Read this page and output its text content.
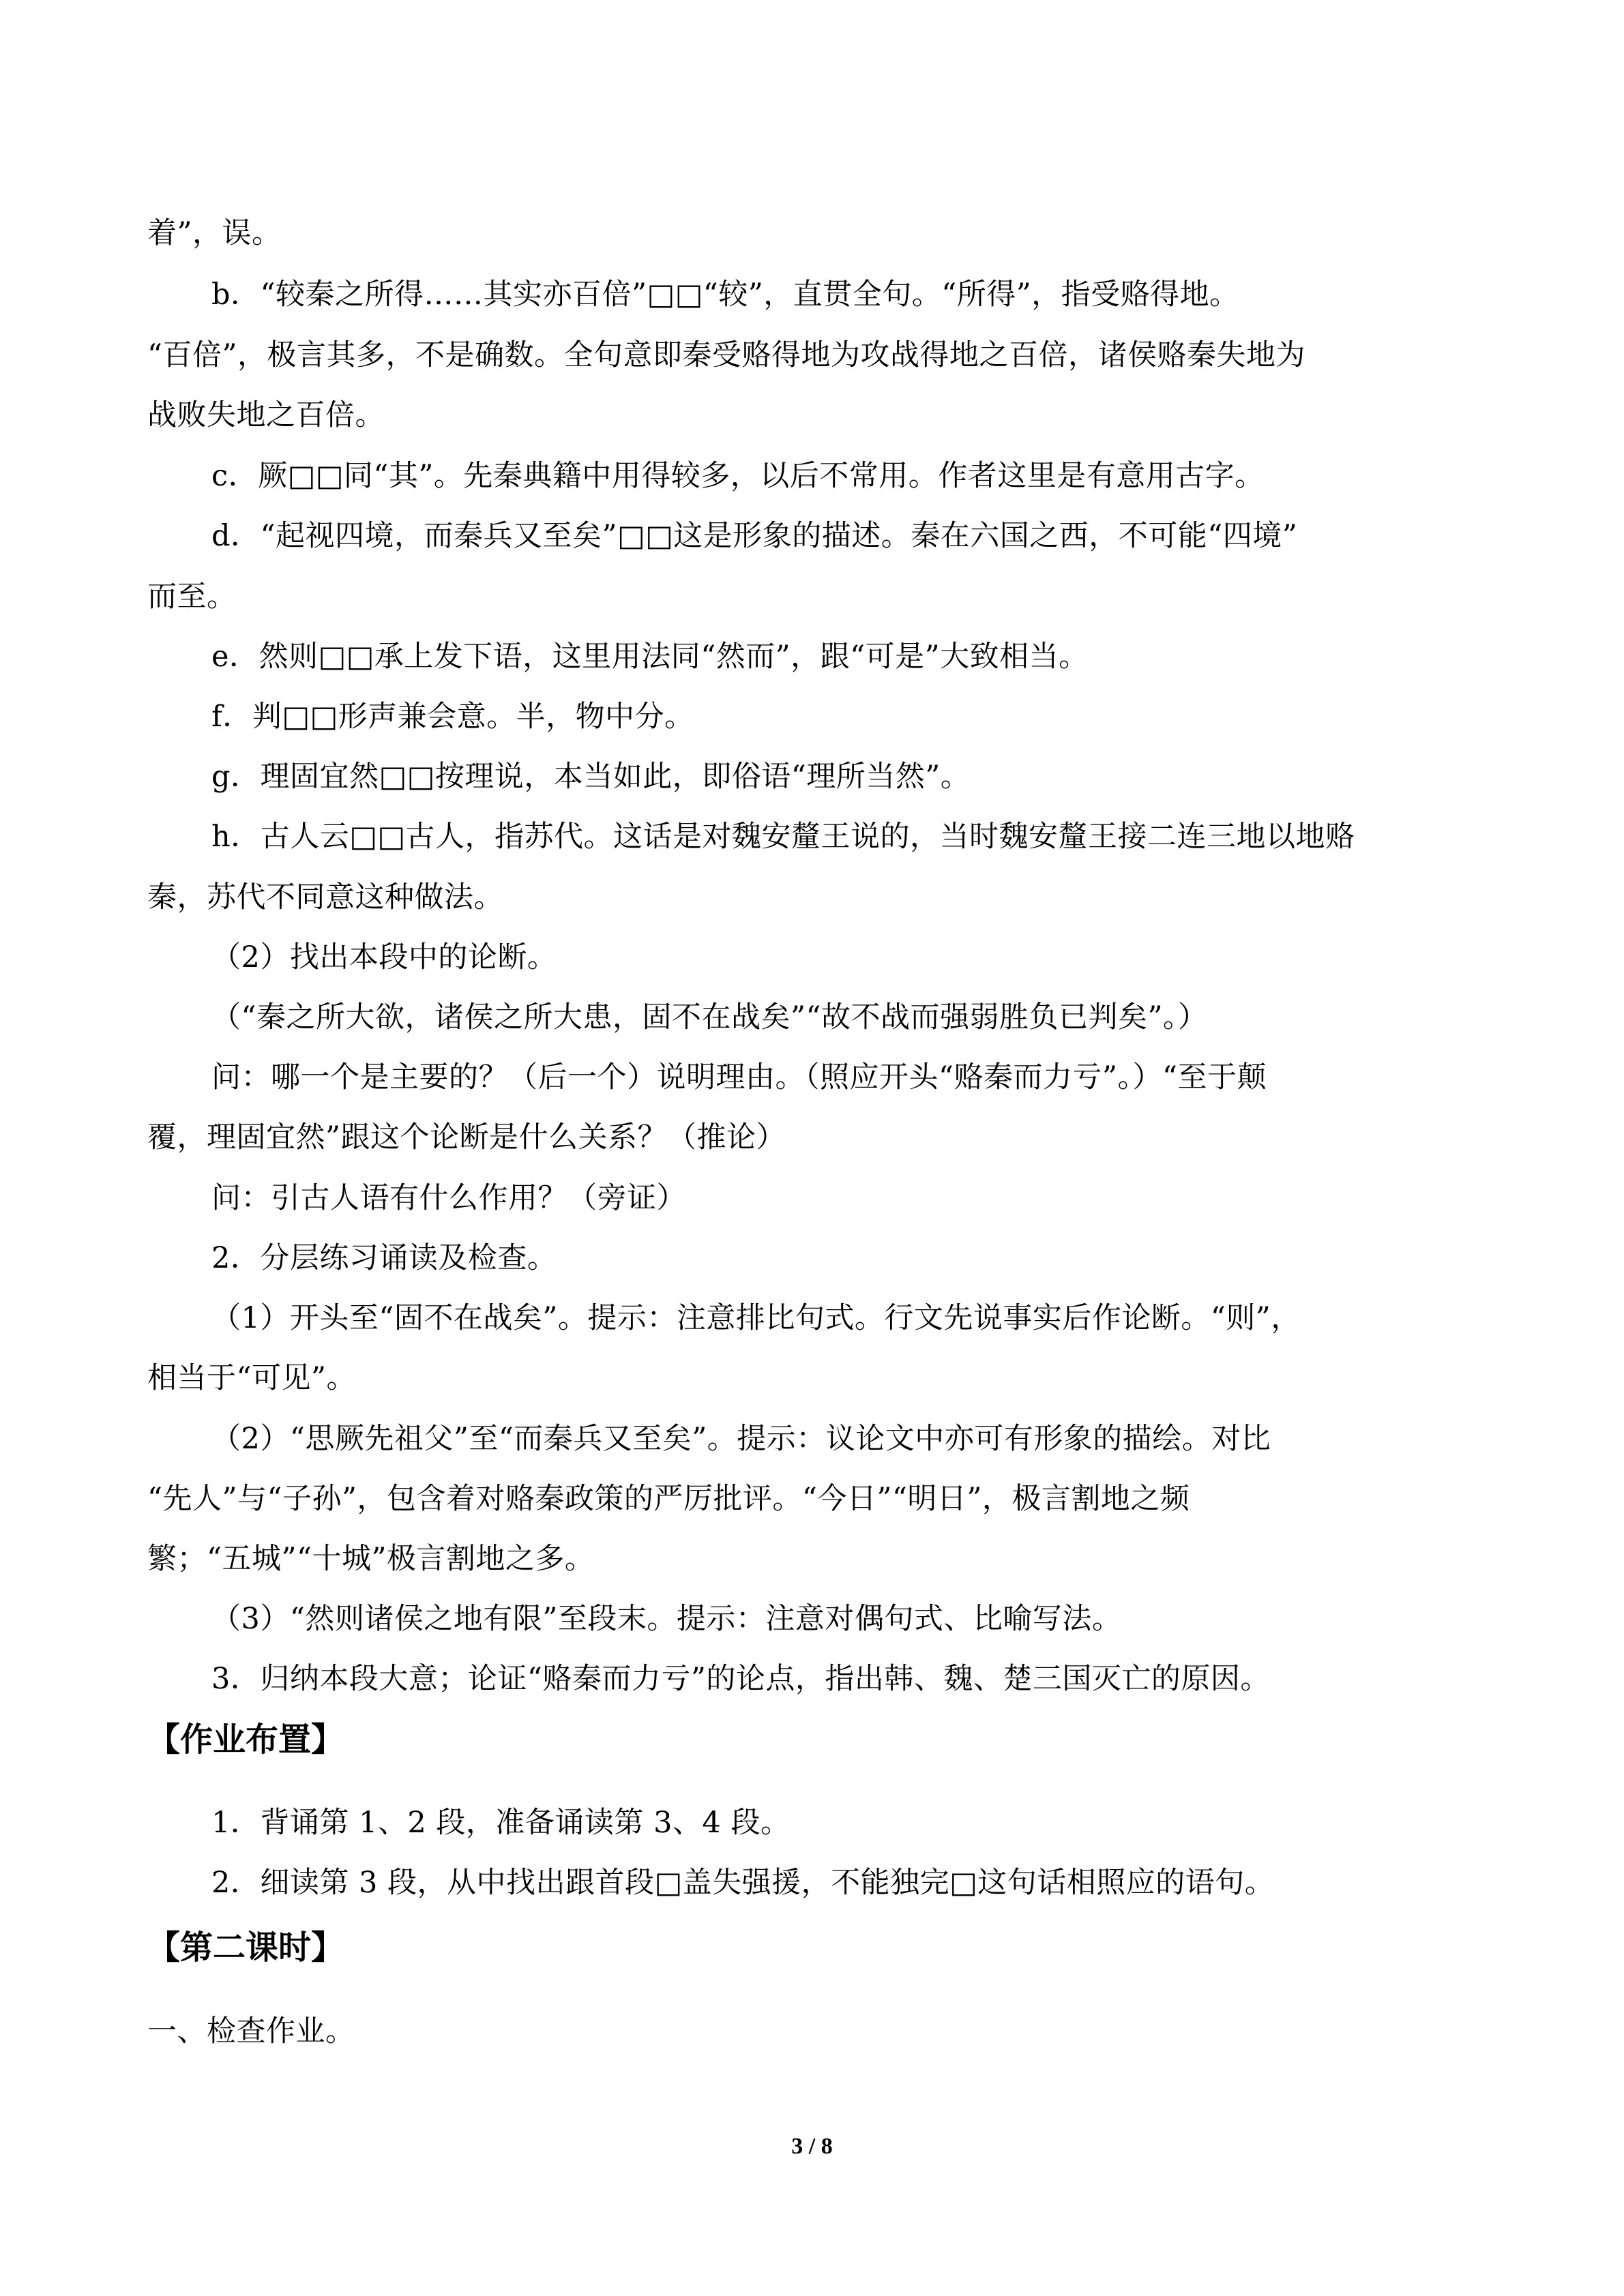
着”，误。
b．“较秦之所得……其实亦百倍”□□“较”，直贯全句。“所得”，指受赂得地。
“百倍”，极言其多，不是确数。全句意即秦受赂得地为攻战得地之百倍，诸侯赂秦失地为
战败失地之百倍。
c．厥□□同“其”。先秦典籍中用得较多，以后不常用。作者这里是有意用古字。
d．“起视四境，而秦兵又至矣”□□这是形象的描述。秦在六国之西，不可能“四境”
而至。
e．然则□□承上发下语，这里用法同“然而”，跟“可是”大致相当。
f．判□□形声兼会意。半，物中分。
g．理固宜然□□按理说，本当如此，即俗语“理所当然”。
h．古人云□□古人，指苏代。这话是对魏安釐王说的，当时魏安釐王接二连三地以地赂
秦，苏代不同意这种做法。
（2）找出本段中的论断。
（“秦之所大欲，诸侯之所大患，固不在战矣”“故不战而强弱胜负已判矣”。）
问：哪一个是主要的？（后一个）说明理由。（照应开头“赂秦而力亏”。）“至于颠
覆，理固宜然”跟这个论断是什么关系？（推论）
问：引古人语有什么作用？（旁证）
2．分层练习诵读及检查。
（1）开头至“固不在战矣”。提示：注意排比句式。行文先说事实后作论断。“则”，
相当于“可见”。
（2）“思厥先祖父”至“而秦兵又至矣”。提示：议论文中亦可有形象的描绘。对比
“先人”与“子孙”，包含着对赂秦政策的严厉批评。“今日”“明日”，极言割地之频
繁；“五城”“十城”极言割地之多。
（3）“然则诸侯之地有限”至段末。提示：注意对偶句式、比喻写法。
3．归纳本段大意；论证“赂秦而力亏”的论点，指出韩、魏、楚三国灭亡的原因。
【作业布置】
1．背诵第 1、2 段，准备诵读第 3、4 段。
2．细读第 3 段，从中找出跟首段□盖失强援，不能独完□这句话相照应的语句。
【第二课时】
一、检查作业。
3 / 8
